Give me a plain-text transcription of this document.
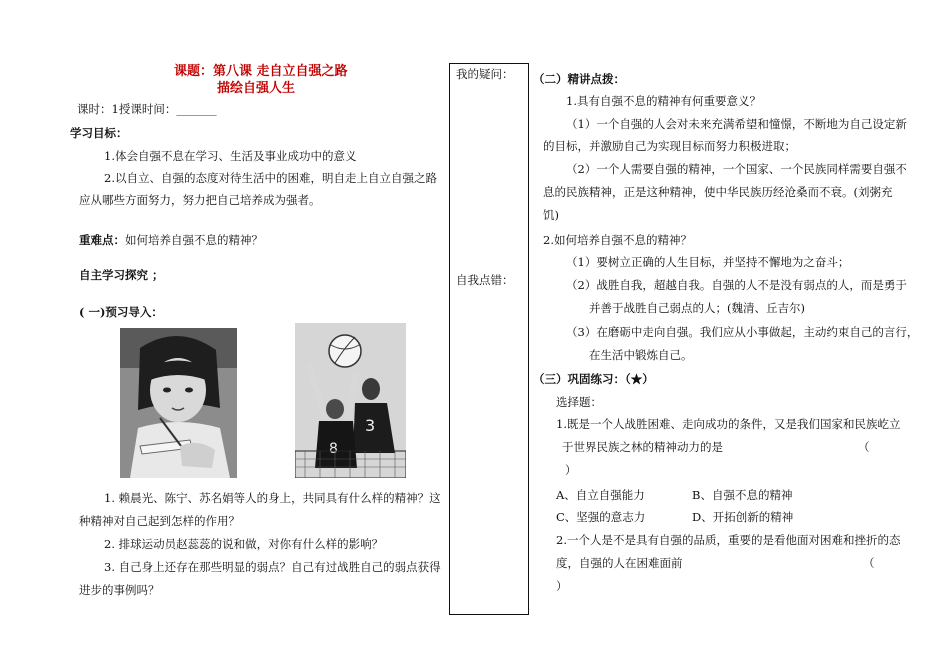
课题：第八课 走自立自强之路
描绘自强人生
课时：1授课时间：_______
学习目标：
1.体会自强不息在学习、生活及事业成功中的意义
2.以自立、自强的态度对待生活中的困难，明自走上自立自强之路
应从哪些方面努力，努力把自己培养成为强者。
重难点：如何培养自强不息的精神？
自主学习探究 ；
( 一)预习导入：
3
8
1. 赖晨光、陈宁、苏名娟等人的身上，共同具有什么样的精神？这
种精神对自己起到怎样的作用？
2. 排球运动员赵蕊蕊的说和做，对你有什么样的影响？
3. 自己身上还存在那些明显的弱点？自己有过战胜自己的弱点获得
进步的事例吗？
我的疑问：
自我点错：
（二）精讲点拨：
1.具有自强不息的精神有何重要意义？
（1）一个自强的人会对未来充满希望和憧憬，不断地为自己设定新
的目标，并激励自己为实现目标而努力积极进取；
（2）一个人需要自强的精神，一个国家、一个民族同样需要自强不
息的民族精神，正是这种精神，使中华民族历经沧桑而不衰。(刘粥充
饥)
2.如何培养自强不息的精神？
（1）要树立正确的人生目标，并坚持不懈地为之奋斗；
（2）战胜自我，超越自我。自强的人不是没有弱点的人，而是勇于
并善于战胜自己弱点的人；(魏清、丘吉尔)
（3）在磨砺中走向自强。我们应从小事做起，主动约束自己的言行，
在生活中锻炼自己。
（三）巩固练习：（★）
选择题：
1.既是一个人战胜困难、走向成功的条件，又是我们国家和民族屹立
于世界民族之林的精神动力的是	（
）
A、自立自强能力	B、自强不息的精神
C、坚强的意志力	D、开拓创新的精神
2.一个人是不是具有自强的品质，重要的是看他面对困难和挫折的态
度，自强的人在困难面前	（
）
